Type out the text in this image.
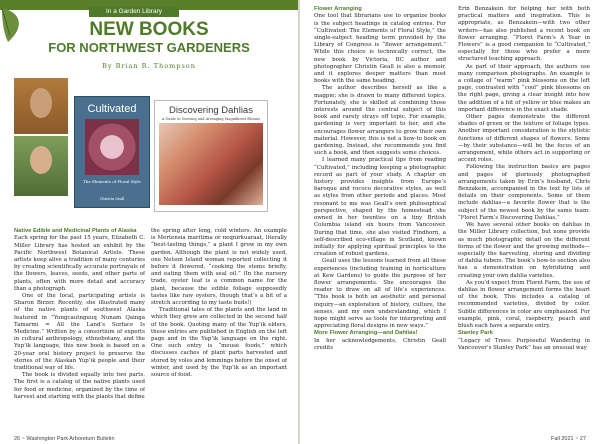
In a Garden Library
NEW BOOKS
FOR NORTHWEST GARDENERS
By Brian R. Thompson
Cultivated
The Elements of Floral Style
Christin Geall
Discovering Dahlias
A Guide to Growing and Arranging Magnificent Blooms
Native Edible and Medicinal Plants of Alaska

Each spring for the past 15 years, Elizabeth C. Miller Library has hosted an exhibit by the Pacific Northwest Botanical Artists. These artists keep alive a tradition of many centuries by creating scientifically accurate portrayals of the flowers, leaves, seeds, and other parts of plants, often with more detail and accuracy than a photograph.

One of the local, participating artists is Sharon Birzer. Recently, she illustrated many of the native plants of southwest Alaska featured in “Yungcautnguuq Nunam Qainga Tamarmi = All the Land’s Surface Is Medicine.” Written by a consortium of experts in cultural anthropology, ethnobotany, and the Yup’ik language, this new book is based on a 20-year oral history project to preserve the stories of the Alaskan Yup’ik people and their traditional way of life.

The book is divided equally into two parts. The first is a catalog of the native plants used for food or medicine, organized by the time of harvest and starting with the plants that define

the spring after long, cold winters. An example is Mertensia maritima or neqnirkuaraat, literally “best-tasting things,” a plant I grow in my own garden. Although the plant is not widely used, one Nelson Island woman reported collecting it before it flowered, “cooking the stems briefly, and eating them with seal oil.” (In the nursery trade, oyster leaf is a common name for the plant, because the edible foliage supposedly tastes like raw oysters, though that’s a bit of a stretch according to my taste buds!)

Traditional tales of the plants and the land in which they grew are collected in the second half of the book. Quoting many of the Yup’ik elders, these entries are published in English on the left page and in the Yup’ik language on the right. One such entry is “mouse foods,” which discusses caches of plant parts harvested and stored by voles and lemmings before the onset of winter, and used by the Yup’ik as an important source of food.

26 ~ Washington Park Arboretum Bulletin
Flower Arranging

One tool that librarians use to organize books is the subject headings in catalog entries. For “Cultivated: The Elements of Floral Style,” the single-subject heading term provided by the Library of Congress is “flower arrangement.” While this choice is technically correct, the new book by Victoria, BC author and photographer Christin Geall is also a memoir, and it explores deeper matters than most books with the same heading.

The author describes herself as like a magpie; she is drawn to many different topics. Fortunately, she is skilled at combining those interests around the central subject of this book and rarely strays off topic. For example, gardening is very important to her, and she encourages flower arrangers to grow their own material. However, this is not a how-to book on gardening. Instead, she recommends you find such a book, and then suggests some choices.

I learned many practical tips from reading “Cultivated,” including keeping a photographic record as part of your study. A chapter on history provides insights from Europe’s baroque and rococo decorative styles, as well as styles from other periods and places. Most resonant to me was Geall’s own philosophical perspective, shaped by the homestead she owned in her twenties on a tiny British Columbia island six hours from Vancouver. During that time, she also visited Findhorn, a self-described eco-village in Scotland, known initially for applying spiritual principles to the creation of robust gardens.

Geall uses the lessons learned from all these experiences (including training in horticulture at Kew Gardens) to guide the purpose of her flower arrangements. She encourages the reader to draw on all of life’s experiences. “This book is both an aesthetic and personal inquiry—an exploration of history, culture, the senses, and my own understanding, which I hope might serve as tools for interpreting and appreciating floral designs in new ways.”

More Flower Arranging—and Dahlias!

In her acknowledgements, Christin Geall credits

Erin Benzakein for helping her with both practical matters and inspiration. This is appropriate, as Benzakein—with two other writers—has also published a recent book on flower arranging. “Floret Farm’s A Year in Flowers” is a good companion to “Cultivated,” especially for those who prefer a more structured teaching approach.

As part of their approach, the authors use many comparison photographs. An example is a collage of “warm” pink blossoms on the left page, contrasted with “cool” pink blossoms on the right page, giving a clear insight into how the addition of a hit of yellow or blue makes an important difference in the exact shade.

Other pages demonstrate the different shades of green or the texture of foliage types. Another important consideration is the stylistic functions of different shapes of flowers. Some—by their substance—will be the focus of an arrangement, while others act in supporting or accent roles.

Following the instruction basics are pages and pages of gloriously photographed arrangements taken by Erin’s husband, Chris Benzakein, accompanied in the text by lots of details on their components. Some of them include dahlias—a favorite flower that is the subject of the newest book by the same team: “Floret Farm’s Discovering Dahlias.”

We have several other books on dahlias in the Miller Library collection, but none provide as much photographic detail on the different forms of the flower and the growing methods—especially the harvesting, storing and dividing of dahlia tubers. The book’s how-to section also has a demonstration on hybridizing and creating your own dahlia varieties.

As you’d expect from Floret Farm, the use of dahlias in flower arrangement forms the heart of the book. This includes a catalog of recommended varieties, divided by color. Subtle differences in color are emphasized. For example, pink, coral, raspberry, peach and blush each have a separate entry.

Stanley Park

“Legacy of Trees: Purposeful Wandering in Vancouver’s Stanley Park” has an unusual way

Fall 2021 ~ 27
